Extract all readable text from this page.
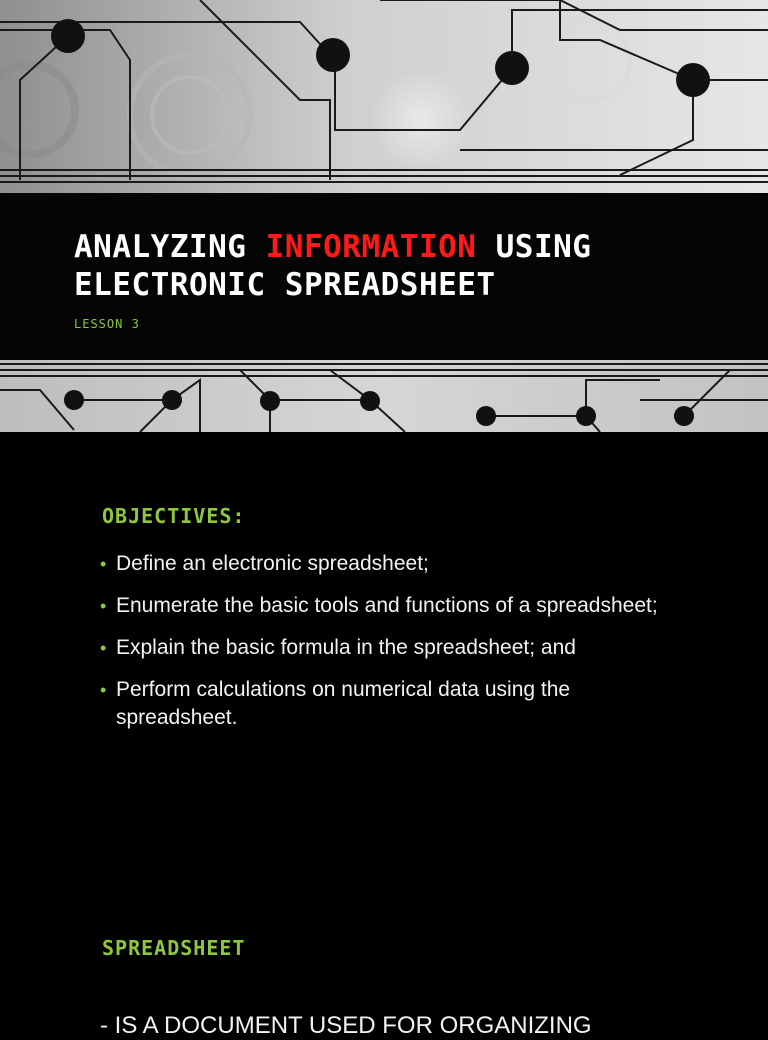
ANALYZING INFORMATION USING ELECTRONIC SPREADSHEET

LESSON 3

OBJECTIVES:
• Define an electronic spreadsheet;
• Enumerate the basic tools and functions of a spreadsheet;
• Explain the basic formula in the spreadsheet; and
• Perform calculations on numerical data using the spreadsheet.
SPREADSHEET

- IS A DOCUMENT USED FOR ORGANIZING
